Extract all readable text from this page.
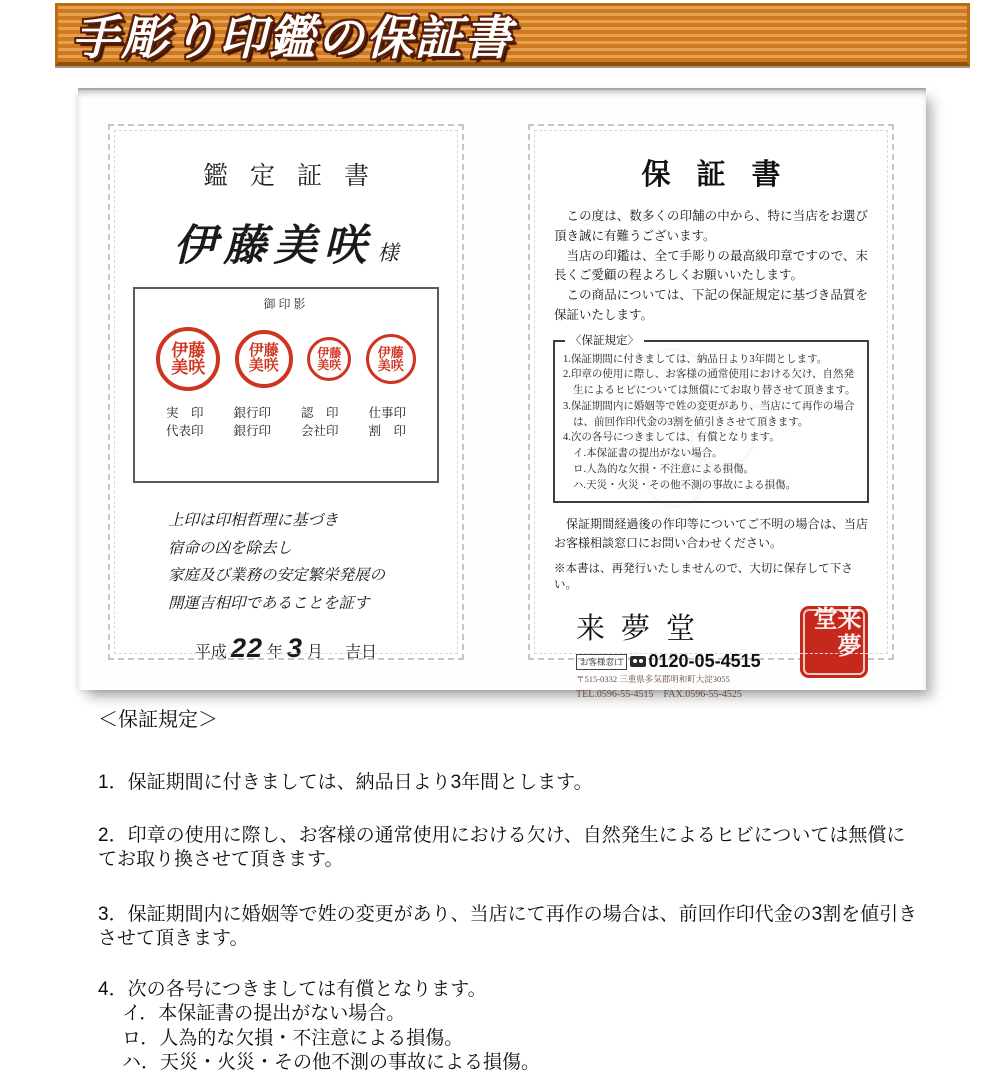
手彫り印鑑の保証書
鑑定証書
伊藤美咲 様
御印影
伊藤美咲
伊藤美咲
伊藤美咲
伊藤美咲
実　印
代表印
銀行印
銀行印
認　印
会社印
仕事印
割　印
上印は印相哲理に基づき
宿命の凶を除去し
家庭及び業務の安定繁栄発展の
開運吉相印であることを証す
平成 22 年 3 月 吉日
保証書

この度は、数多くの印舗の中から、特に当店をお選び頂き誠に有難うございます。

当店の印鑑は、全て手彫りの最高級印章ですので、末長くご愛顧の程よろしくお願いいたします。

この商品については、下記の保証規定に基づき品質を保証いたします。

〈保証規定〉

1.保証期間に付きましては、納品日より3年間とします。

2.印章の使用に際し、お客様の通常使用における欠け、自然発生によるヒビについては無償にてお取り替させて頂きます。

3.保証期間内に婚姻等で姓の変更があり、当店にて再作の場合は、前回作印代金の3割を値引きさせて頂きます。

4.次の各号につきましては、有償となります。

イ.本保証書の提出がない場合。

ロ.人為的な欠損・不注意による損傷。

ハ.天災・火災・その他不測の事故による損傷。

保証期間経過後の作印等についてご不明の場合は、当店お客様相談窓口にお問い合わせください。
※本書は、再発行いたしませんので、大切に保存して下さい。
来夢堂
お客様窓口 0120-05-4515
〒515-0332 三重県多気郡明和町大淀3055
TEL.0596-55-4515　FAX.0596-55-4525
来夢堂
＜保証規定＞
1．保証期間に付きましては、納品日より3年間とします。
2．印章の使用に際し、お客様の通常使用における欠け、自然発生によるヒビについては無償にてお取り換させて頂きます。
3．保証期間内に婚姻等で姓の変更があり、当店にて再作の場合は、前回作印代金の3割を値引きさせて頂きます。
4．次の各号につきましては有償となります。
イ．本保証書の提出がない場合。
ロ．人為的な欠損・不注意による損傷。
ハ．天災・火災・その他不測の事故による損傷。
